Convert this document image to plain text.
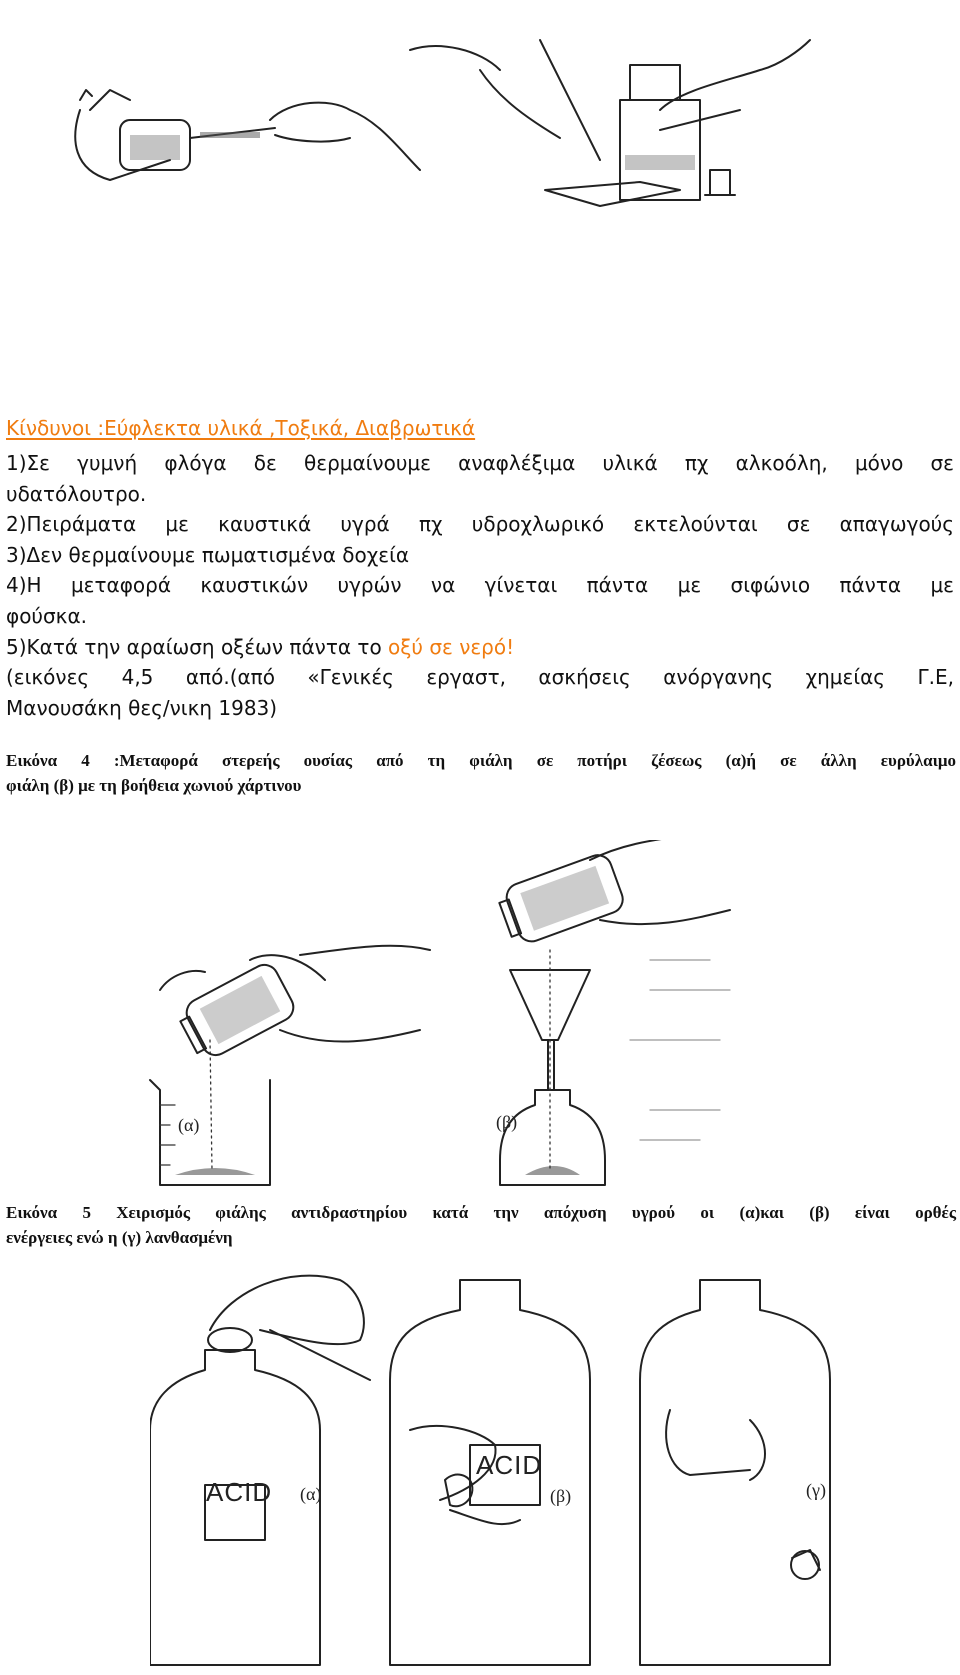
Κίνδυνοι :Εύφλεκτα υλικά ,Τοξικά, Διαβρωτικά

1)Σε γυμνή φλόγα δε θερμαίνουμε αναφλέξιμα υλικά πχ αλκοόλη, μόνο σε

υδατόλουτρο.

2)Πειράματα με καυστικά υγρά πχ υδροχλωρικό εκτελούνται σε απαγωγούς

3)Δεν θερμαίνουμε πωματισμένα δοχεία

4)Η μεταφορά καυστικών υγρών να γίνεται πάντα με σιφώνιο πάντα με

φούσκα.

5)Κατά την αραίωση οξέων πάντα το οξύ σε νερό!

(εικόνες 4,5 από.(από «Γενικές εργαστ, ασκήσεις ανόργανης χημείας Γ.Ε,

Μανουσάκη θες/νικη 1983)

Εικόνα 4 :Μεταφορά στερεής ουσίας από τη φιάλη σε ποτήρι ζέσεως (α)ή σε άλλη ευρύλαιμο
φιάλη (β) με τη βοήθεια χωνιού χάρτινου

(α)	(β)

Εικόνα 5 Χειρισμός φιάλης αντιδραστηρίου κατά την απόχυση υγρού οι (α)και (β) είναι ορθές
ενέργειες ενώ η (γ) λανθασμένη

ACID
ACID
(α)	(β)	(γ)
